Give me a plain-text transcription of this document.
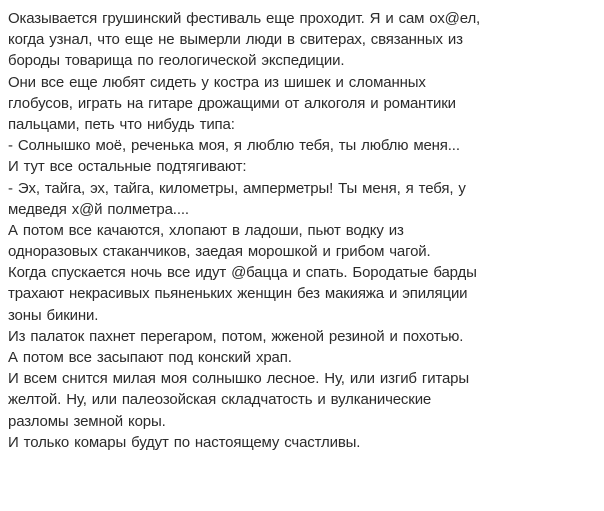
Оказывается грушинский фестиваль еще проходит. Я и сам ох@ел,
когда узнал, что еще не вымерли люди в свитерах, связанных из
бороды товарища по геологической экспедиции.
Они все еще любят сидеть у костра из шишек и сломанных
глобусов, играть на гитаре дрожащими от алкоголя и романтики
пальцами, петь что нибудь типа:
- Солнышко моё, реченька моя, я люблю тебя, ты люблю меня...
И тут все остальные подтягивают:
- Эх, тайга, эх, тайга, километры, амперметры! Ты меня, я тебя, у
медведя х@й полметра....
А потом все качаются, хлопают в ладоши, пьют водку из
одноразовых стаканчиков, заедая морошкой и грибом чагой.
Когда спускается ночь все идут @бацца и спать. Бородатые барды
трахают некрасивых пьяненьких женщин без макияжа и эпиляции
зоны бикини.
Из палаток пахнет перегаром, потом, жженой резиной и похотью.
А потом все засыпают под конский храп.
И всем снится милая моя солнышко лесное. Ну, или изгиб гитары
желтой. Ну, или палеозойская складчатость и вулканические
разломы земной коры.
И только комары будут по настоящему счастливы.
